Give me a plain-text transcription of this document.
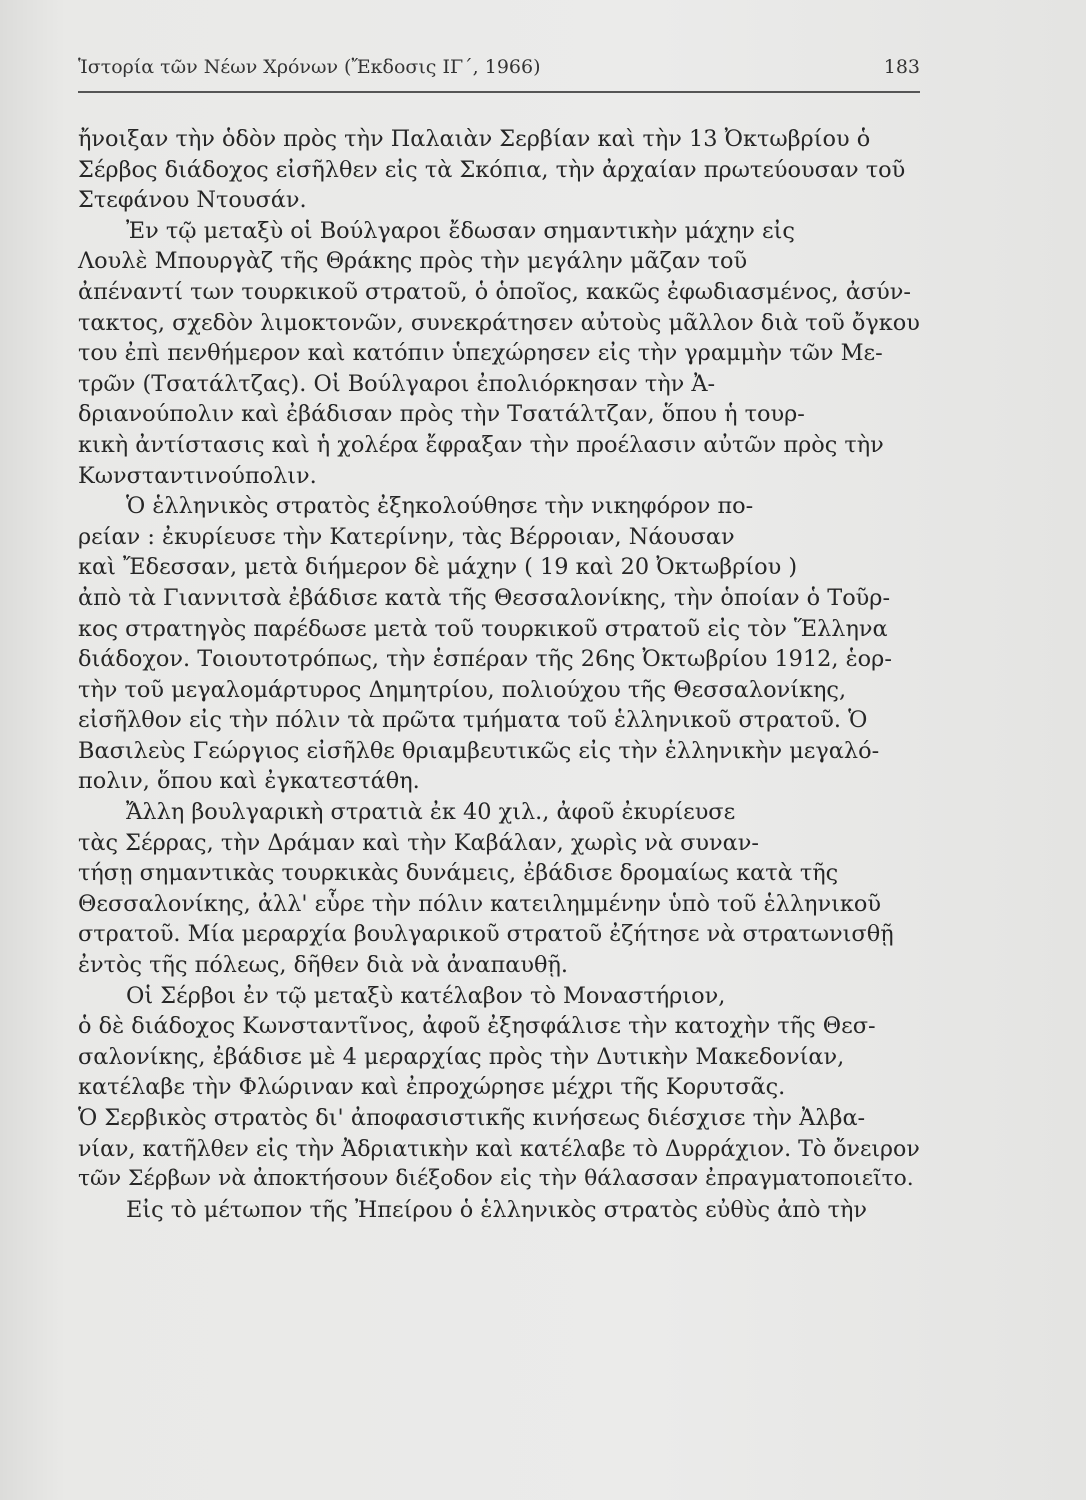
Ἱστορία τῶν Νέων Χρόνων (Ἔκδοσις ΙΓ΄, 1966)	183
ἤνοιξαν τὴν ὁδὸν πρὸς τὴν Παλαιὰν Σερβίαν καὶ τὴν 13 Ὀκτωβρίου ὁ
Σέρβος διάδοχος εἰσῆλθεν εἰς τὰ Σκόπια, τὴν ἀρχαίαν πρωτεύουσαν τοῦ
Στεφάνου Ντουσάν.
Ἐν τῷ μεταξὺ οἱ Βούλγαροι ἔδωσαν σημαντικὴν μάχην εἰς
Λουλὲ Μπουργὰζ τῆς Θράκης πρὸς τὴν μεγάλην μᾶζαν τοῦ
ἀπέναντί των τουρκικοῦ στρατοῦ, ὁ ὁποῖος, κακῶς ἐφωδιασμένος, ἀσύν-
τακτος, σχεδὸν λιμοκτονῶν, συνεκράτησεν αὐτοὺς μᾶλλον διὰ τοῦ ὄγκου
του ἐπὶ πενθήμερον καὶ κατόπιν ὑπεχώρησεν εἰς τὴν γραμμὴν τῶν Με-
τρῶν (Τσατάλτζας). Οἱ Βούλγαροι ἐπολιόρκησαν τὴν Ἀ-
δριανούπολιν καὶ ἐβάδισαν πρὸς τὴν Τσατάλτζαν, ὅπου ἡ τουρ-
κικὴ ἀντίστασις καὶ ἡ χολέρα ἔφραξαν τὴν προέλασιν αὐτῶν πρὸς τὴν
Κωνσταντινούπολιν.
Ὁ ἑλληνικὸς στρατὸς ἐξηκολούθησε τὴν νικηφόρον πο-
ρείαν : ἐκυρίευσε τὴν Κατερίνην, τὰς Βέρροιαν, Νάουσαν
καὶ Ἔδεσσαν, μετὰ διήμερον δὲ μάχην ( 19 καὶ 20 Ὀκτωβρίου )
ἀπὸ τὰ Γιαννιτσὰ ἐβάδισε κατὰ τῆς Θεσσαλονίκης, τὴν ὁποίαν ὁ Τοῦρ-
κος στρατηγὸς παρέδωσε μετὰ τοῦ τουρκικοῦ στρατοῦ εἰς τὸν Ἕλληνα
διάδοχον. Τοιουτοτρόπως, τὴν ἑσπέραν τῆς 26ης Ὀκτωβρίου 1912, ἑορ-
τὴν τοῦ μεγαλομάρτυρος Δημητρίου, πολιούχου τῆς Θεσσαλονίκης,
εἰσῆλθον εἰς τὴν πόλιν τὰ πρῶτα τμήματα τοῦ ἑλληνικοῦ στρατοῦ. Ὁ
Βασιλεὺς Γεώργιος εἰσῆλθε θριαμβευτικῶς εἰς τὴν ἑλληνικὴν μεγαλό-
πολιν, ὅπου καὶ ἐγκατεστάθη.
Ἄλλη βουλγαρικὴ στρατιὰ ἐκ 40 χιλ., ἀφοῦ ἐκυρίευσε
τὰς Σέρρας, τὴν Δράμαν καὶ τὴν Καβάλαν, χωρὶς νὰ συναν-
τήσῃ σημαντικὰς τουρκικὰς δυνάμεις, ἐβάδισε δρομαίως κατὰ τῆς
Θεσσαλονίκης, ἀλλ' εὗρε τὴν πόλιν κατειλημμένην ὑπὸ τοῦ ἑλληνικοῦ
στρατοῦ. Μία μεραρχία βουλγαρικοῦ στρατοῦ ἐζήτησε νὰ στρατωνισθῇ
ἐντὸς τῆς πόλεως, δῆθεν διὰ νὰ ἀναπαυθῇ.
Οἱ Σέρβοι ἐν τῷ μεταξὺ κατέλαβον τὸ Μοναστήριον,
ὁ δὲ διάδοχος Κωνσταντῖνος, ἀφοῦ ἐξησφάλισε τὴν κατοχὴν τῆς Θεσ-
σαλονίκης, ἐβάδισε μὲ 4 μεραρχίας πρὸς τὴν Δυτικὴν Μακεδονίαν,
κατέλαβε τὴν Φλώριναν καὶ ἐπροχώρησε μέχρι τῆς Κορυτσᾶς.
Ὁ Σερβικὸς στρατὸς δι' ἀποφασιστικῆς κινήσεως διέσχισε τὴν Ἀλβα-
νίαν, κατῆλθεν εἰς τὴν Ἀδριατικὴν καὶ κατέλαβε τὸ Δυρράχιον. Τὸ ὄνειρον
τῶν Σέρβων νὰ ἀποκτήσουν διέξοδον εἰς τὴν θάλασσαν ἐπραγματοποιεῖτο.
Εἰς τὸ μέτωπον τῆς Ἠπείρου ὁ ἑλληνικὸς στρατὸς εὐθὺς ἀπὸ τὴν
